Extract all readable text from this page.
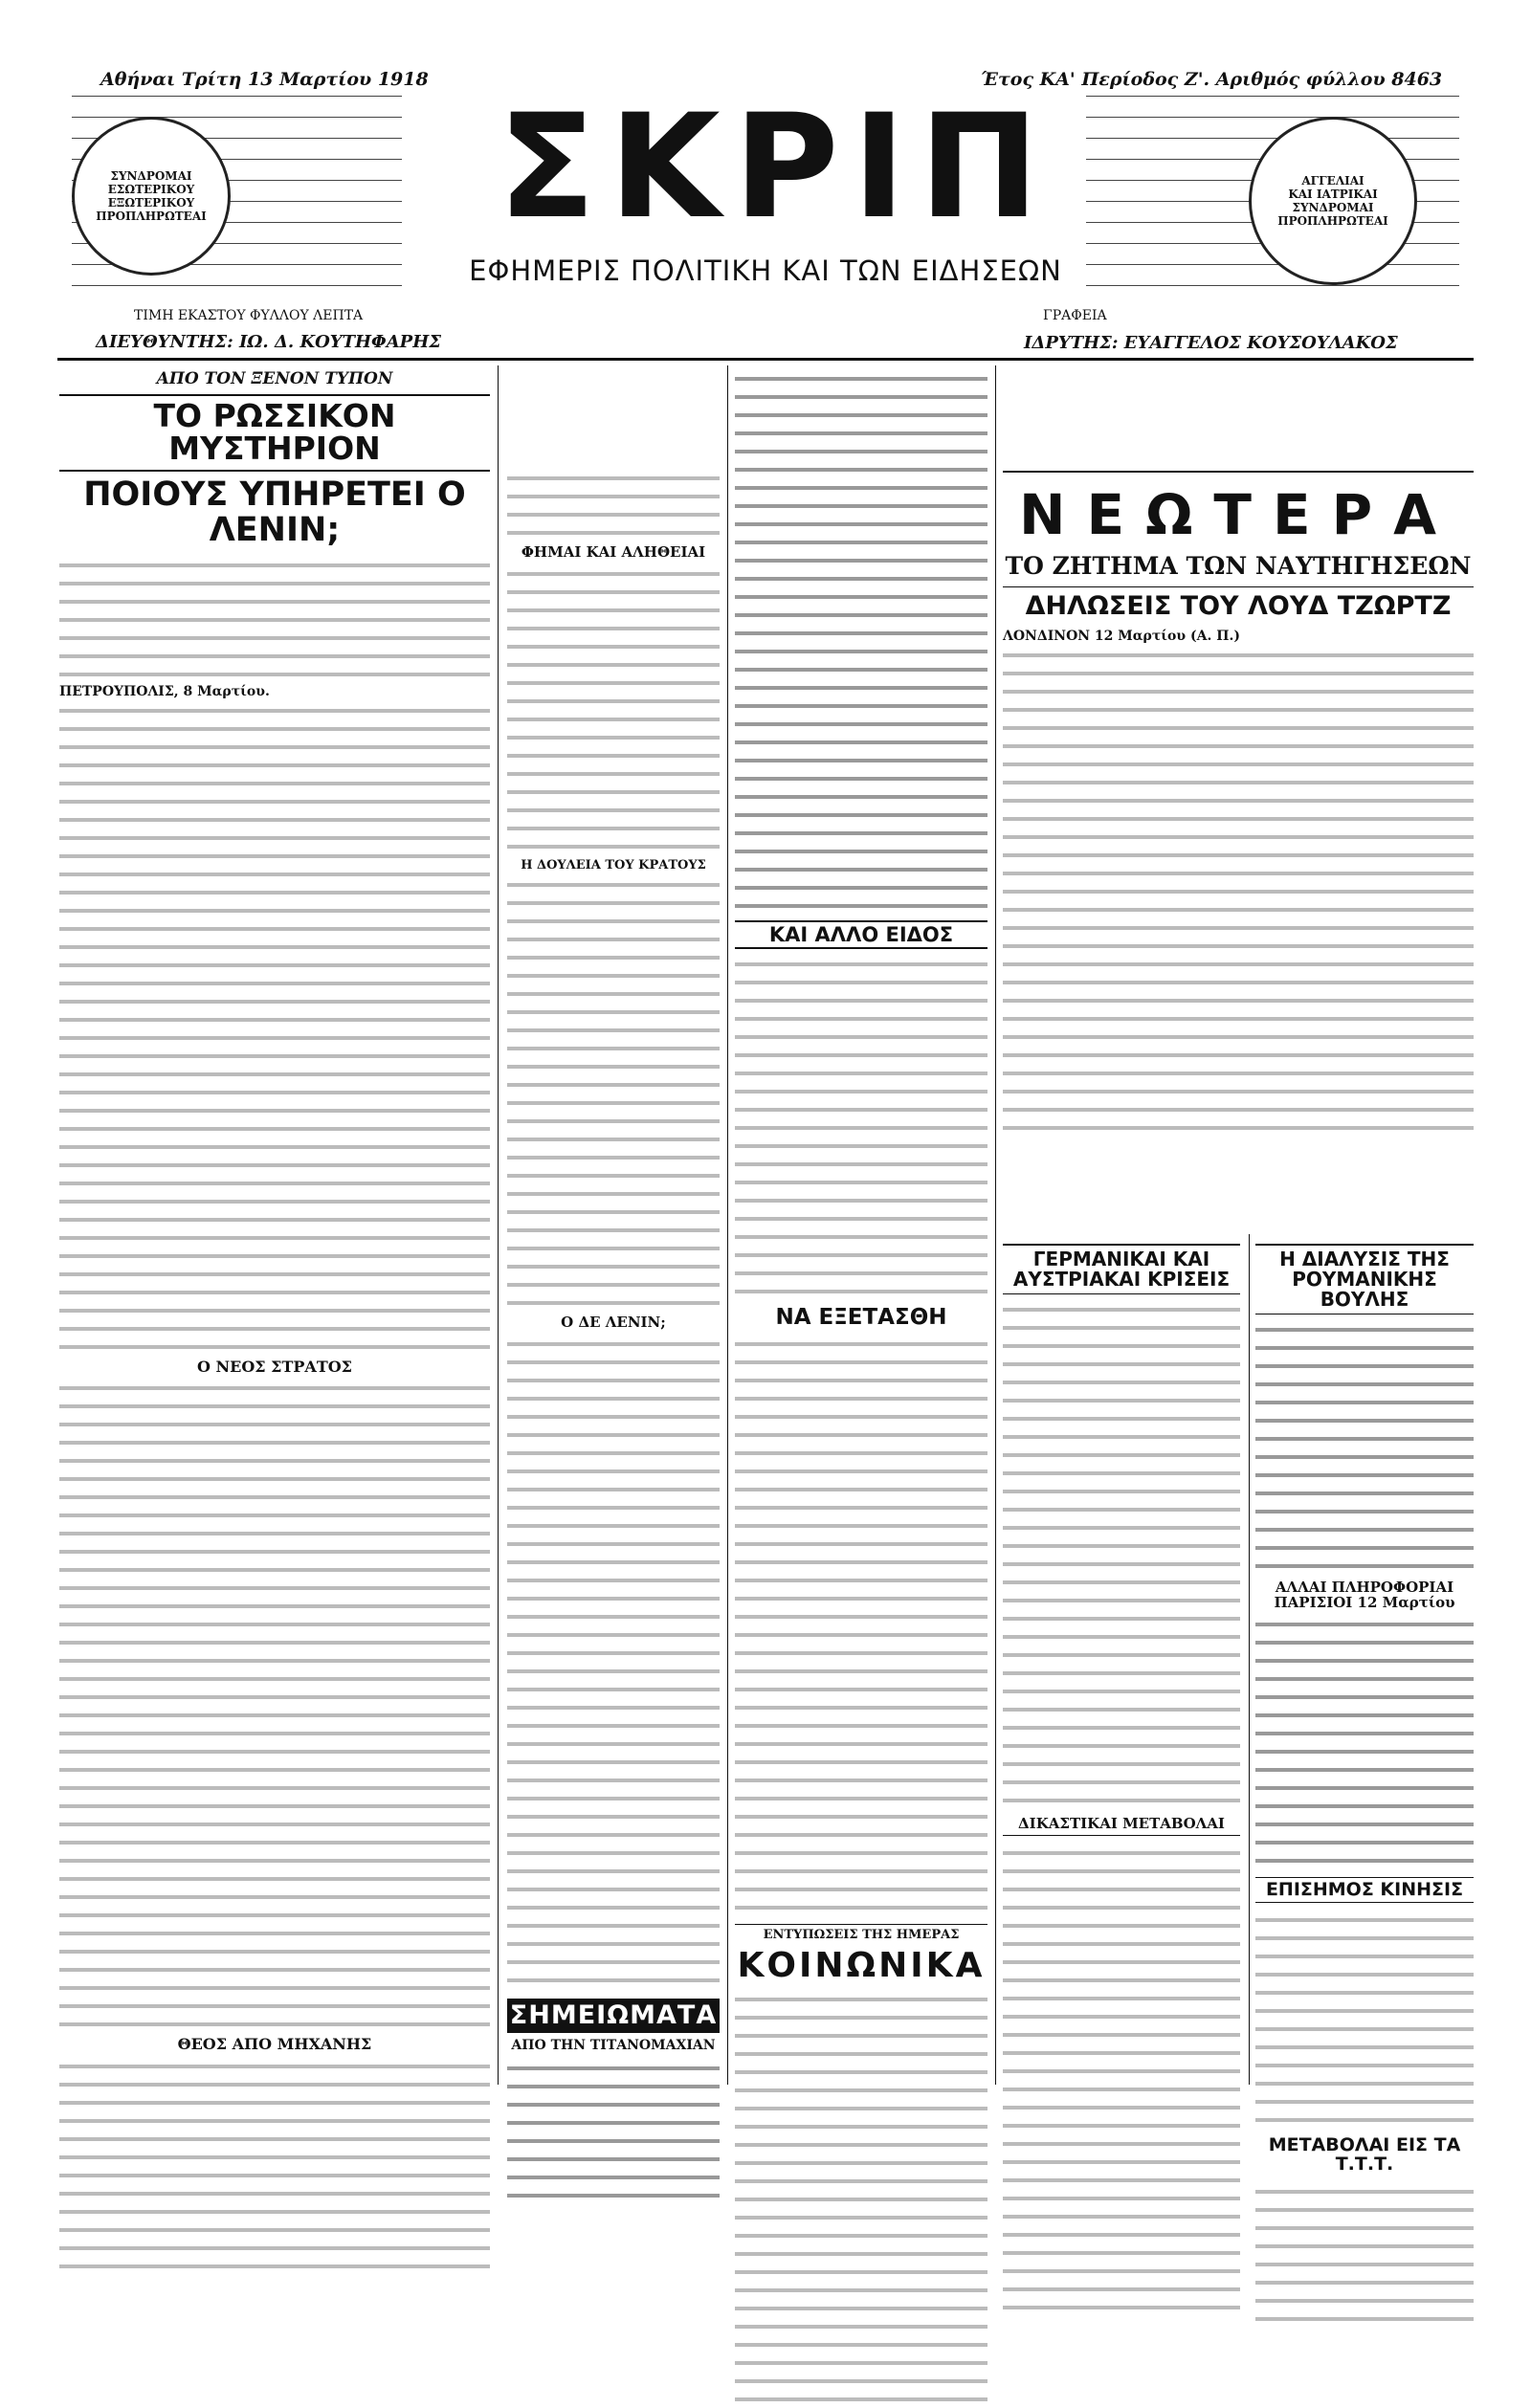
Αθήναι Τρίτη 13 Μαρτίου 1918	Έτος ΚΑ' Περίοδος Ζ'. Αριθμός φύλλου 8463
ΣΥΝΔΡΟΜΑΙ
ΕΣΩΤΕΡΙΚΟΥ
ΕΞΩΤΕΡΙΚΟΥ
ΠΡΟΠΛΗΡΩΤΕΑΙ
ΤΙΜΗ ΕΚΑΣΤΟΥ ΦΥΛΛΟΥ ΛΕΠΤΑ
ΣΚΡΙΠ
ΕΦΗΜΕΡΙΣ ΠΟΛΙΤΙΚΗ ΚΑΙ ΤΩΝ ΕΙΔΗΣΕΩΝ
ΑΓΓΕΛΙΑΙ
ΚΑΙ ΙΑΤΡΙΚΑΙ
ΣΥΝΔΡΟΜΑΙ
ΠΡΟΠΛΗΡΩΤΕΑΙ
ΓΡΑΦΕΙΑ
ΔΙΕΥΘΥΝΤΗΣ: ΙΩ. Δ. ΚΟΥΤΗΦΑΡΗΣ	ΙΔΡΥΤΗΣ: ΕΥΑΓΓΕΛΟΣ ΚΟΥΣΟΥΛΑΚΟΣ
ΑΠΟ ΤΟΝ ΞΕΝΟΝ ΤΥΠΟΝ
ΤΟ ΡΩΣΣΙΚΟΝ ΜΥΣΤΗΡΙΟΝ
ΠΟΙΟΥΣ ΥΠΗΡΕΤΕΙ Ο ΛΕΝΙΝ;
ΠΕΤΡΟΥΠΟΛΙΣ, 8 Μαρτίου.
Ο ΝΕΟΣ ΣΤΡΑΤΟΣ
ΘΕΟΣ ΑΠΟ ΜΗΧΑΝΗΣ
ΦΗΜΑΙ ΚΑΙ ΑΛΗΘΕΙΑΙ
Η ΔΟΥΛΕΙΑ ΤΟΥ ΚΡΑΤΟΥΣ
Ο ΔΕ ΛΕΝΙΝ;
ΣΗΜΕΙΩΜΑΤΑ
ΑΠΟ ΤΗΝ ΤΙΤΑΝΟΜΑΧΙΑΝ
ΚΑΙ ΑΛΛΟ ΕΙΔΟΣ
ΝΑ ΕΞΕΤΑΣΘΗ
ΕΝΤΥΠΩΣΕΙΣ ΤΗΣ ΗΜΕΡΑΣ
ΚΟΙΝΩΝΙΚΑ
ΝΕΩΤΕΡΑ
ΤΟ ΖΗΤΗΜΑ ΤΩΝ ΝΑΥΤΗΓΗΣΕΩΝ
ΔΗΛΩΣΕΙΣ ΤΟΥ ΛΟΥΔ ΤΖΩΡΤΖ
ΛΟΝΔΙΝΟΝ 12 Μαρτίου (Α. Π.)
ΓΕΡΜΑΝΙΚΑΙ ΚΑΙ ΑΥΣΤΡΙΑΚΑΙ ΚΡΙΣΕΙΣ
ΔΙΚΑΣΤΙΚΑΙ ΜΕΤΑΒΟΛΑΙ
Η ΔΙΑΛΥΣΙΣ ΤΗΣ ΡΟΥΜΑΝΙΚΗΣ ΒΟΥΛΗΣ
ΑΛΛΑΙ ΠΛΗΡΟΦΟΡΙΑΙ
ΠΑΡΙΣΙΟΙ 12 Μαρτίου
ΕΠΙΣΗΜΟΣ ΚΙΝΗΣΙΣ
ΜΕΤΑΒΟΛΑΙ ΕΙΣ ΤΑ Τ.Τ.Τ.
